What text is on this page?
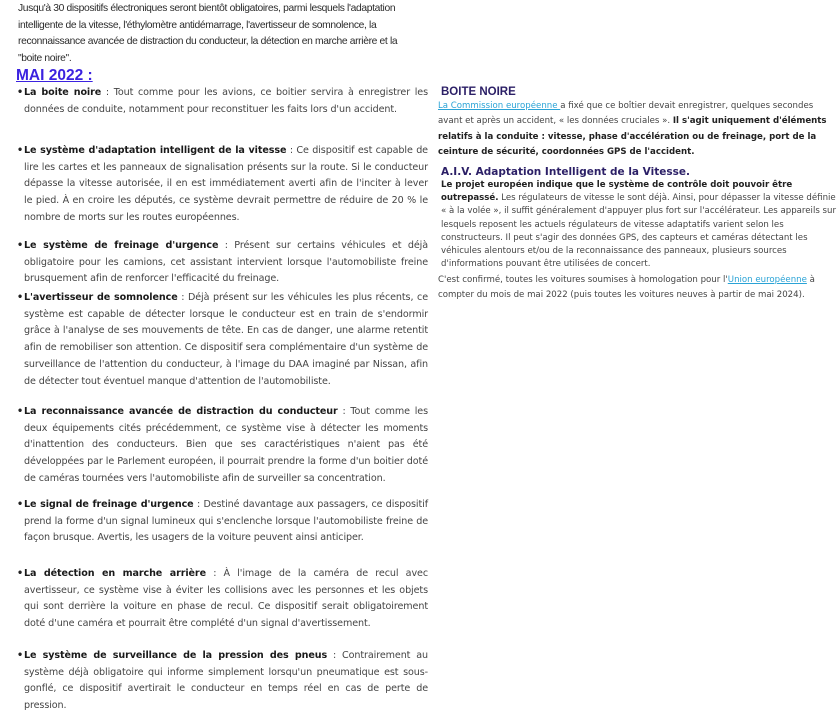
Jusqu'à 30 dispositifs électroniques seront bientôt obligatoires, parmi lesquels l'adaptation intelligente de la vitesse, l'éthylomètre antidémarrage, l'avertisseur de somnolence, la reconnaissance avancée de distraction du conducteur, la détection en marche arrière et la "boite noire".
MAI 2022 :
• La boite noire : Tout comme pour les avions, ce boitier servira à enregistrer les données de conduite, notamment pour reconstituer les faits lors d'un accident.
• Le système d'adaptation intelligent de la vitesse : Ce dispositif est capable de lire les cartes et les panneaux de signalisation présents sur la route. Si le conducteur dépasse la vitesse autorisée, il en est immédiatement averti afin de l'inciter à lever le pied. À en croire les députés, ce système devrait permettre de réduire de 20 % le nombre de morts sur les routes européennes.
• Le système de freinage d'urgence : Présent sur certains véhicules et déjà obligatoire pour les camions, cet assistant intervient lorsque l'automobiliste freine brusquement afin de renforcer l'efficacité du freinage.
• L'avertisseur de somnolence : Déjà présent sur les véhicules les plus récents, ce système est capable de détecter lorsque le conducteur est en train de s'endormir grâce à l'analyse de ses mouvements de tête. En cas de danger, une alarme retentit afin de remobiliser son attention. Ce dispositif sera complémentaire d'un système de surveillance de l'attention du conducteur, à l'image du DAA imaginé par Nissan, afin de détecter tout éventuel manque d'attention de l'automobiliste.
• La reconnaissance avancée de distraction du conducteur : Tout comme les deux équipements cités précédemment, ce système vise à détecter les moments d'inattention des conducteurs. Bien que ses caractéristiques n'aient pas été développées par le Parlement européen, il pourrait prendre la forme d'un boitier doté de caméras tournées vers l'automobiliste afin de surveiller sa concentration.
• Le signal de freinage d'urgence : Destiné davantage aux passagers, ce dispositif prend la forme d'un signal lumineux qui s'enclenche lorsque l'automobiliste freine de façon brusque. Avertis, les usagers de la voiture peuvent ainsi anticiper.
• La détection en marche arrière : À l'image de la caméra de recul avec avertisseur, ce système vise à éviter les collisions avec les personnes et les objets qui sont derrière la voiture en phase de recul. Ce dispositif serait obligatoirement doté d'une caméra et pourrait être complété d'un signal d'avertissement.
• Le système de surveillance de la pression des pneus : Contrairement au système déjà obligatoire qui informe simplement lorsqu'un pneumatique est sous-gonflé, ce dispositif avertirait le conducteur en temps réel en cas de perte de pression.
BOITE NOIRE

La Commission européenne a fixé que ce boîtier devait enregistrer, quelques secondes avant et après un accident, « les données cruciales ». Il s'agit uniquement d'éléments relatifs à la conduite : vitesse, phase d'accélération ou de freinage, port de la ceinture de sécurité, coordonnées GPS de l'accident.

A.I.V. Adaptation Intelligent de la Vitesse.

Le projet européen indique que le système de contrôle doit pouvoir être outrepassé. Les régulateurs de vitesse le sont déjà. Ainsi, pour dépasser la vitesse définie « à la volée », il suffit généralement d'appuyer plus fort sur l'accélérateur. Les appareils sur lesquels reposent les actuels régulateurs de vitesse adaptatifs varient selon les constructeurs. Il peut s'agir des données GPS, des capteurs et caméras détectant les véhicules alentours et/ou de la reconnaissance des panneaux, plusieurs sources d'informations pouvant être utilisées de concert.

C'est confirmé, toutes les voitures soumises à homologation pour l'Union européenne à compter du mois de mai 2022 (puis toutes les voitures neuves à partir de mai 2024).
